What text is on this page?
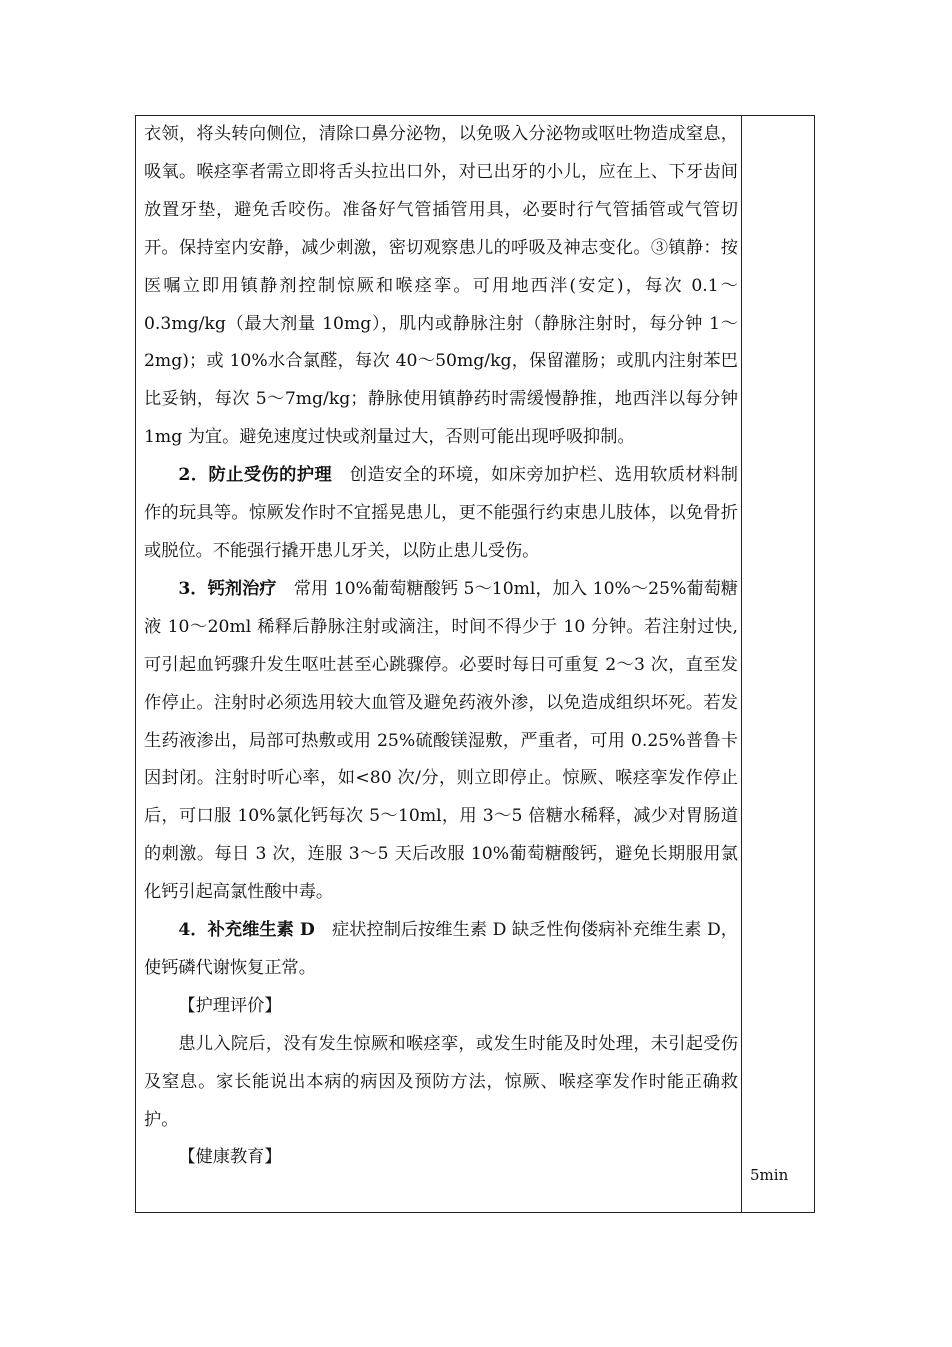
衣领，将头转向侧位，清除口鼻分泌物，以免吸入分泌物或呕吐物造成窒息，吸氧。喉痉挛者需立即将舌头拉出口外，对已出牙的小儿，应在上、下牙齿间放置牙垫，避免舌咬伤。准备好气管插管用具，必要时行气管插管或气管切开。保持室内安静，减少刺激，密切观察患儿的呼吸及神志变化。③镇静：按医嘱立即用镇静剂控制惊厥和喉痉挛。可用地西泮(安定)，每次 0.1～0.3mg/kg（最大剂量 10mg），肌内或静脉注射（静脉注射时，每分钟 1～2mg)；或 10%水合氯醛，每次 40～50mg/kg，保留灌肠；或肌内注射苯巴比妥钠，每次 5～7mg/kg；静脉使用镇静药时需缓慢静推，地西泮以每分钟 1mg 为宜。避免速度过快或剂量过大，否则可能出现呼吸抑制。

2．防止受伤的护理 创造安全的环境，如床旁加护栏、选用软质材料制作的玩具等。惊厥发作时不宜摇晃患儿，更不能强行约束患儿肢体，以免骨折或脱位。不能强行撬开患儿牙关，以防止患儿受伤。

3．钙剂治疗 常用 10%葡萄糖酸钙 5～10ml，加入 10%～25%葡萄糖液 10～20ml 稀释后静脉注射或滴注，时间不得少于 10 分钟。若注射过快,可引起血钙骤升发生呕吐甚至心跳骤停。必要时每日可重复 2～3 次，直至发作停止。注射时必须选用较大血管及避免药液外渗，以免造成组织坏死。若发生药液渗出，局部可热敷或用 25%硫酸镁湿敷，严重者，可用 0.25%普鲁卡因封闭。注射时听心率，如<80 次/分，则立即停止。惊厥、喉痉挛发作停止后，可口服 10%氯化钙每次 5～10ml，用 3～5 倍糖水稀释，减少对胃肠道的刺激。每日 3 次，连服 3～5 天后改服 10%葡萄糖酸钙，避免长期服用氯化钙引起高氯性酸中毒。

4．补充维生素 D 症状控制后按维生素 D 缺乏性佝偻病补充维生素 D，使钙磷代谢恢复正常。

【护理评价】

患儿入院后，没有发生惊厥和喉痉挛，或发生时能及时处理，未引起受伤及窒息。家长能说出本病的病因及预防方法，惊厥、喉痉挛发作时能正确救护。

【健康教育】

5min
